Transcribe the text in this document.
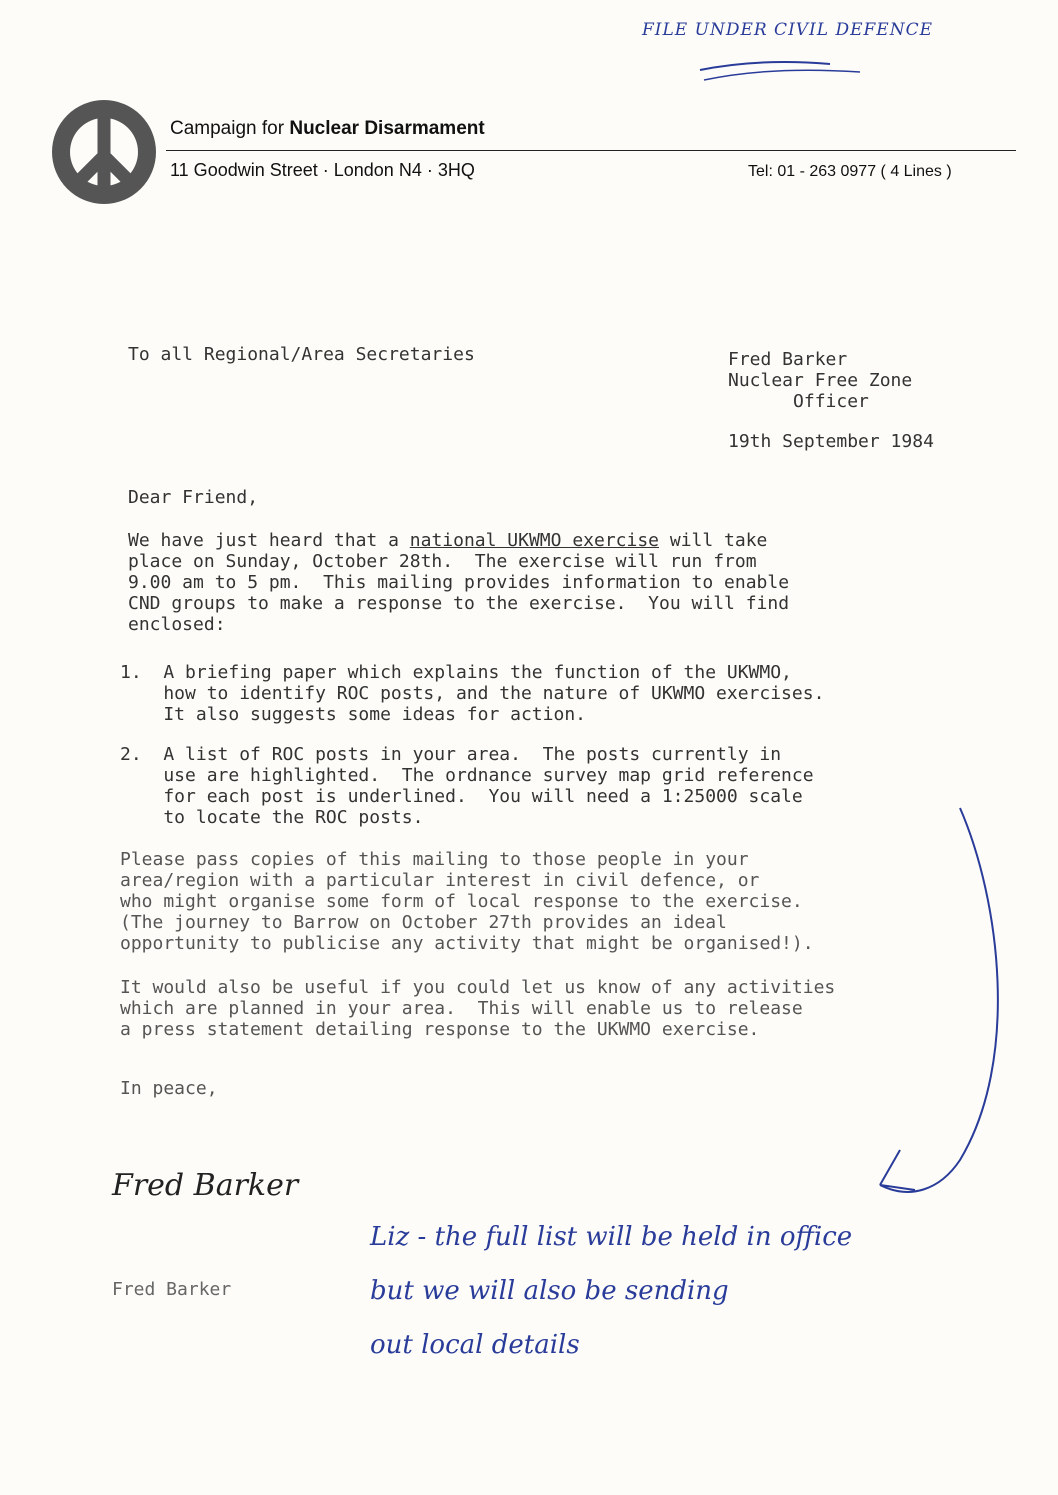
Campaign for Nuclear Disarmament
11 Goodwin Street · London N4 · 3HQ	Tel: 01 - 263 0977 ( 4 Lines )
FILE UNDER CIVIL DEFENCE
To all Regional/Area Secretaries	Fred Barker
Nuclear Free Zone
Officer
19th September 1984
Dear Friend,
We have just heard that a national UKWMO exercise will take
place on Sunday, October 28th.  The exercise will run from
9.00 am to 5 pm.  This mailing provides information to enable
CND groups to make a response to the exercise.  You will find
enclosed:
1.  A briefing paper which explains the function of the UKWMO,
how to identify ROC posts, and the nature of UKWMO exercises.
It also suggests some ideas for action.
2.  A list of ROC posts in your area.  The posts currently in
use are highlighted.  The ordnance survey map grid reference
for each post is underlined.  You will need a 1:25000 scale
to locate the ROC posts.
Please pass copies of this mailing to those people in your
area/region with a particular interest in civil defence, or
who might organise some form of local response to the exercise.
(The journey to Barrow on October 27th provides an ideal
opportunity to publicise any activity that might be organised!).
It would also be useful if you could let us know of any activities
which are planned in your area.  This will enable us to release
a press statement detailing response to the UKWMO exercise.
In peace,
Fred Barker
Fred Barker
Liz - the full list will be held in office
but we will also be sending
out local details
